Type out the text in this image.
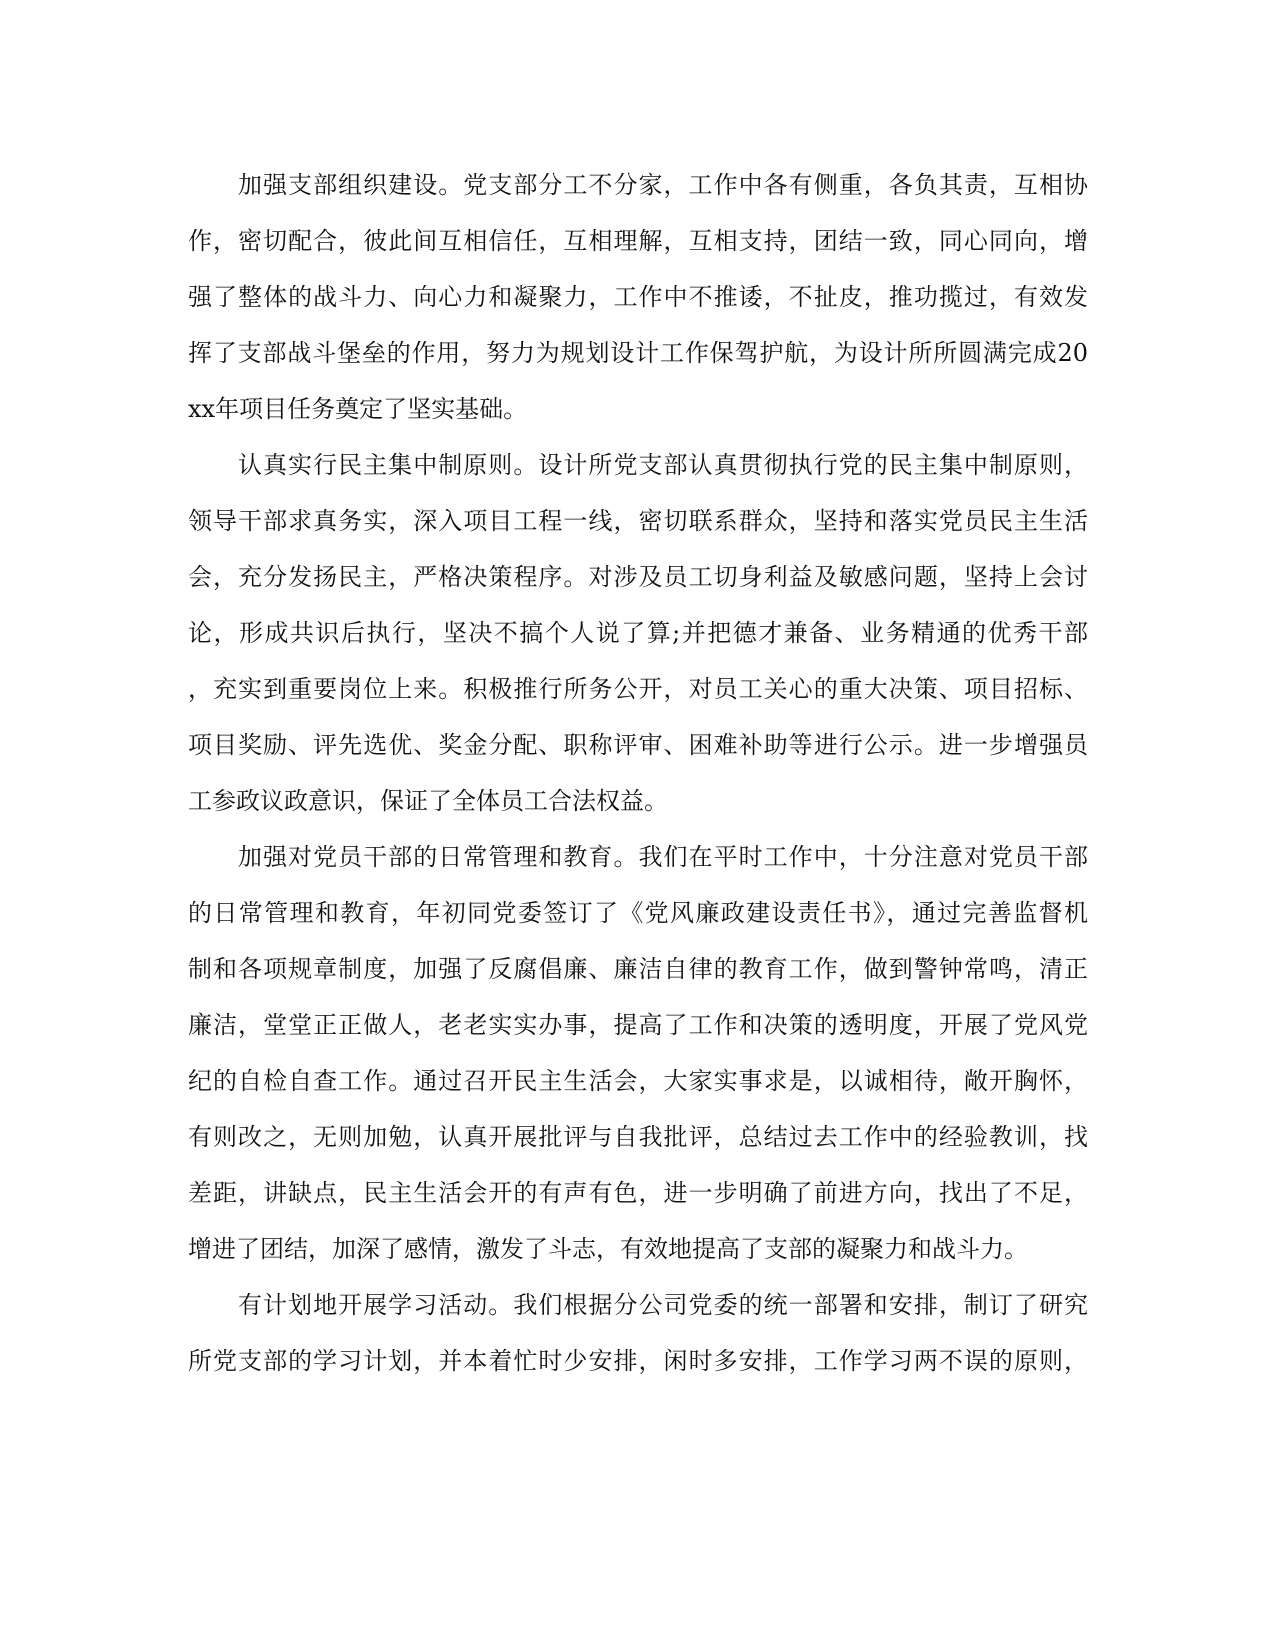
加强支部组织建设。党支部分工不分家，工作中各有侧重，各负其责，互相协
作，密切配合，彼此间互相信任，互相理解，互相支持，团结一致，同心同向，增
强了整体的战斗力、向心力和凝聚力，工作中不推诿，不扯皮，推功揽过，有效发
挥了支部战斗堡垒的作用，努力为规划设计工作保驾护航，为设计所所圆满完成20
xx年项目任务奠定了坚实基础。
认真实行民主集中制原则。设计所党支部认真贯彻执行党的民主集中制原则，
领导干部求真务实，深入项目工程一线，密切联系群众，坚持和落实党员民主生活
会，充分发扬民主，严格决策程序。对涉及员工切身利益及敏感问题，坚持上会讨
论，形成共识后执行，坚决不搞个人说了算;并把德才兼备、业务精通的优秀干部
，充实到重要岗位上来。积极推行所务公开，对员工关心的重大决策、项目招标、
项目奖励、评先选优、奖金分配、职称评审、困难补助等进行公示。进一步增强员
工参政议政意识，保证了全体员工合法权益。
加强对党员干部的日常管理和教育。我们在平时工作中，十分注意对党员干部
的日常管理和教育，年初同党委签订了《党风廉政建设责任书》，通过完善监督机
制和各项规章制度，加强了反腐倡廉、廉洁自律的教育工作，做到警钟常鸣，清正
廉洁，堂堂正正做人，老老实实办事，提高了工作和决策的透明度，开展了党风党
纪的自检自查工作。通过召开民主生活会，大家实事求是，以诚相待，敞开胸怀，
有则改之，无则加勉，认真开展批评与自我批评，总结过去工作中的经验教训，找
差距，讲缺点，民主生活会开的有声有色，进一步明确了前进方向，找出了不足，
增进了团结，加深了感情，激发了斗志，有效地提高了支部的凝聚力和战斗力。
有计划地开展学习活动。我们根据分公司党委的统一部署和安排，制订了研究
所党支部的学习计划，并本着忙时少安排，闲时多安排，工作学习两不误的原则，
